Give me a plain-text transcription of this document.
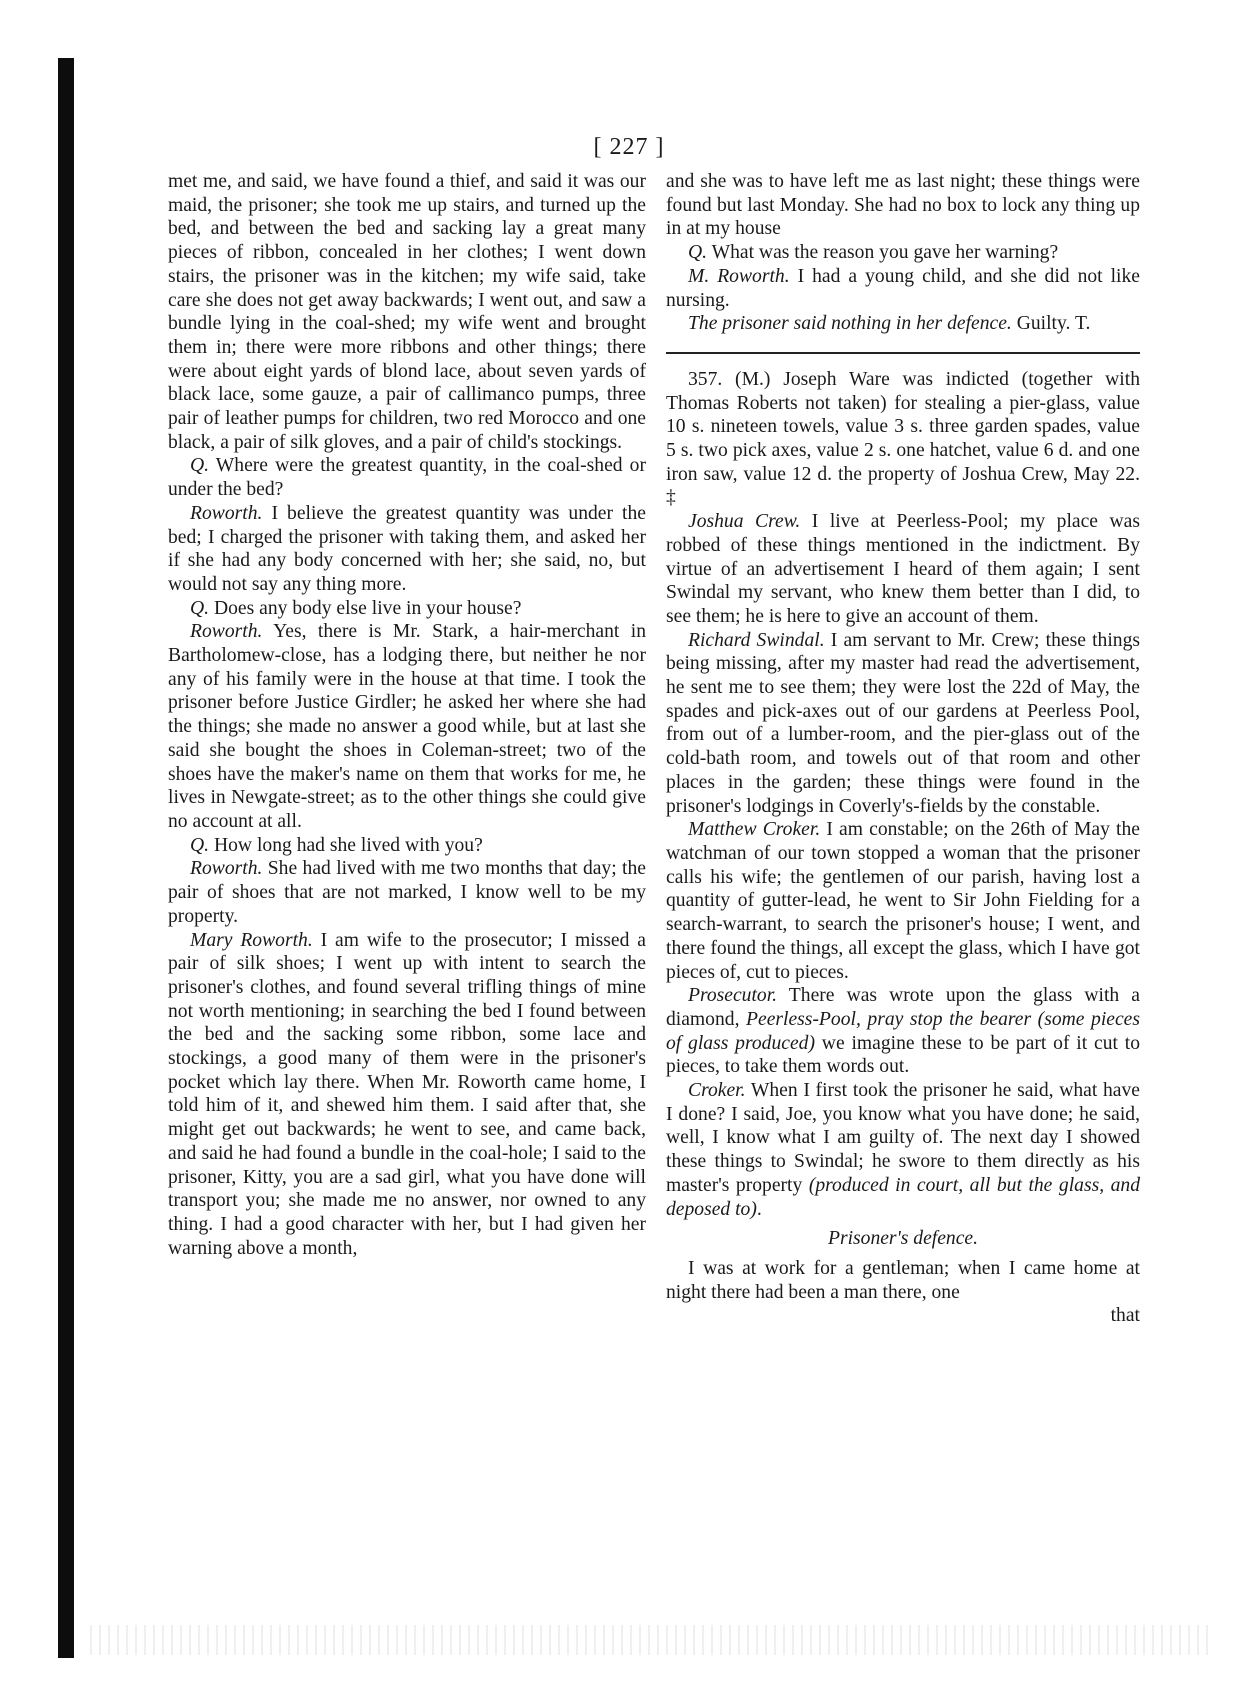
[ 227 ]

met me, and said, we have found a thief, and said it was our maid, the prisoner; she took me up stairs, and turned up the bed, and between the bed and sacking lay a great many pieces of ribbon, concealed in her clothes; I went down stairs, the prisoner was in the kitchen; my wife said, take care she does not get away backwards; I went out, and saw a bundle lying in the coal-shed; my wife went and brought them in; there were more ribbons and other things; there were about eight yards of blond lace, about seven yards of black lace, some gauze, a pair of callimanco pumps, three pair of leather pumps for children, two red Morocco and one black, a pair of silk gloves, and a pair of child's stockings.

Q. Where were the greatest quantity, in the coal-shed or under the bed?

Roworth. I believe the greatest quantity was under the bed; I charged the prisoner with taking them, and asked her if she had any body concerned with her; she said, no, but would not say any thing more.

Q. Does any body else live in your house?

Roworth. Yes, there is Mr. Stark, a hair-merchant in Bartholomew-close, has a lodging there, but neither he nor any of his family were in the house at that time. I took the prisoner before Justice Girdler; he asked her where she had the things; she made no answer a good while, but at last she said she bought the shoes in Coleman-street; two of the shoes have the maker's name on them that works for me, he lives in Newgate-street; as to the other things she could give no account at all.

Q. How long had she lived with you?

Roworth. She had lived with me two months that day; the pair of shoes that are not marked, I know well to be my property.

Mary Roworth. I am wife to the prosecutor; I missed a pair of silk shoes; I went up with intent to search the prisoner's clothes, and found several trifling things of mine not worth mentioning; in searching the bed I found between the bed and the sacking some ribbon, some lace and stockings, a good many of them were in the prisoner's pocket which lay there. When Mr. Roworth came home, I told him of it, and shewed him them. I said after that, she might get out backwards; he went to see, and came back, and said he had found a bundle in the coal-hole; I said to the prisoner, Kitty, you are a sad girl, what you have done will transport you; she made me no answer, nor owned to any thing. I had a good character with her, but I had given her warning above a month,

and she was to have left me as last night; these things were found but last Monday. She had no box to lock any thing up in at my house

Q. What was the reason you gave her warning?

M. Roworth. I had a young child, and she did not like nursing.

The prisoner said nothing in her defence. Guilty. T.

357. (M.) Joseph Ware was indicted (together with Thomas Roberts not taken) for stealing a pier-glass, value 10 s. nineteen towels, value 3 s. three garden spades, value 5 s. two pick axes, value 2 s. one hatchet, value 6 d. and one iron saw, value 12 d. the property of Joshua Crew, May 22. ‡

Joshua Crew. I live at Peerless-Pool; my place was robbed of these things mentioned in the indictment. By virtue of an advertisement I heard of them again; I sent Swindal my servant, who knew them better than I did, to see them; he is here to give an account of them.

Richard Swindal. I am servant to Mr. Crew; these things being missing, after my master had read the advertisement, he sent me to see them; they were lost the 22d of May, the spades and pick-axes out of our gardens at Peerless Pool, from out of a lumber-room, and the pier-glass out of the cold-bath room, and towels out of that room and other places in the garden; these things were found in the prisoner's lodgings in Coverly's-fields by the constable.

Matthew Croker. I am constable; on the 26th of May the watchman of our town stopped a woman that the prisoner calls his wife; the gentlemen of our parish, having lost a quantity of gutter-lead, he went to Sir John Fielding for a search-warrant, to search the prisoner's house; I went, and there found the things, all except the glass, which I have got pieces of, cut to pieces.

Prosecutor. There was wrote upon the glass with a diamond, Peerless-Pool, pray stop the bearer (some pieces of glass produced) we imagine these to be part of it cut to pieces, to take them words out.

Croker. When I first took the prisoner he said, what have I done? I said, Joe, you know what you have done; he said, well, I know what I am guilty of. The next day I showed these things to Swindal; he swore to them directly as his master's property (produced in court, all but the glass, and deposed to).

Prisoner's defence.

I was at work for a gentleman; when I came home at night there had been a man there, one

that
